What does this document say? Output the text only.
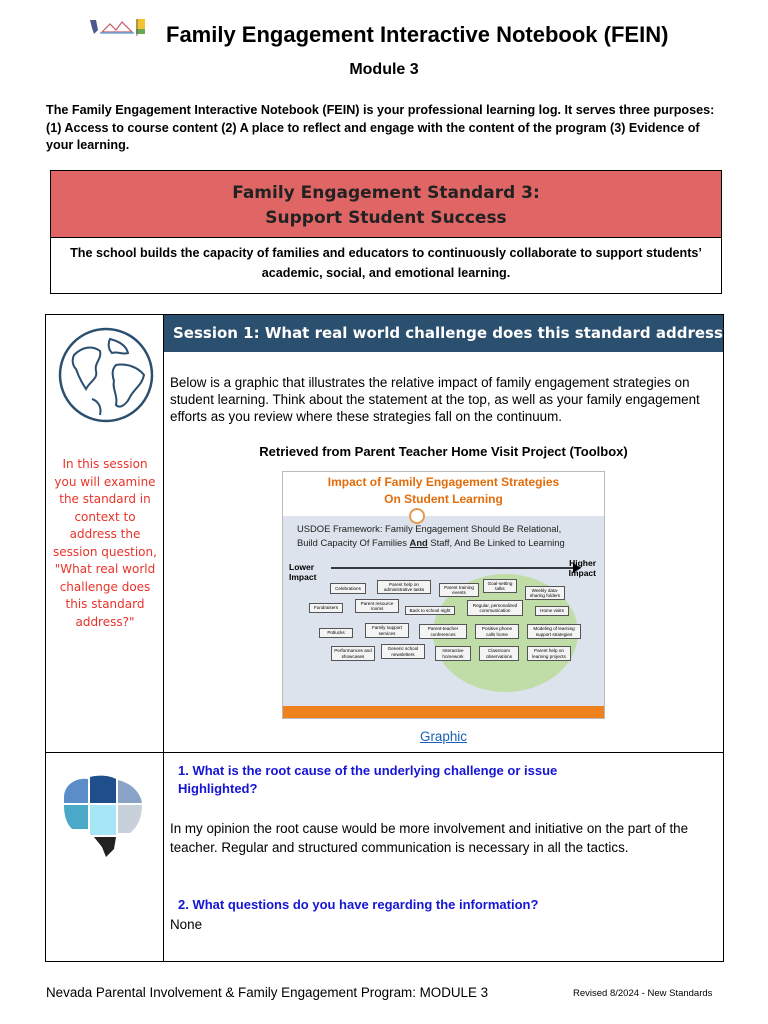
Family Engagement Interactive Notebook (FEIN)
Module 3
The Family Engagement Interactive Notebook (FEIN) is your professional learning log. It serves three purposes: (1) Access to course content (2) A place to reflect and engage with the content of the program (3) Evidence of your learning.
Family Engagement Standard 3:
Support Student Success
The school builds the capacity of families and educators to continuously collaborate to support students’ academic, social, and emotional learning.
In this session you will examine the standard in context to address the session question, "What real world challenge does this standard address?"
Session 1: What real world challenge does this standard address?
Below is a graphic that illustrates the relative impact of family engagement strategies on student learning. Think about the statement at the top, as well as your family engagement efforts as you review where these strategies fall on the continuum.
Retrieved from Parent Teacher Home Visit Project (Toolbox)
Impact of Family Engagement Strategies
On Student Learning
USDOE Framework: Family Engagement Should Be Relational,
Build Capacity Of Families And Staff, And Be Linked to Learning
Lower
Impact
Higher
Impact
Celebrations
Parent help on administrative tasks	Parent training events
Goal-setting talks	Weekly data-sharing folders
Fundraisers
Parent resource rooms	Back to school night
Regular, personalized communication	Home visits
Potlucks
Family support services
Parent-teacher conferences
Positive phone calls home
Modeling of learning support strategies
Performances and showcases
Generic school newsletters
Interactive homework
Classroom observations
Parent help on learning projects
Graphic
1. What is the root cause of the underlying challenge or issue
Highlighted?
In my opinion the root cause would be more involvement and initiative on the part of the teacher. Regular and structured communication is necessary in all the tactics.
2. What questions do you have regarding the information?
None
Nevada Parental Involvement & Family Engagement Program: MODULE 3	Revised 8/2024 - New Standards
